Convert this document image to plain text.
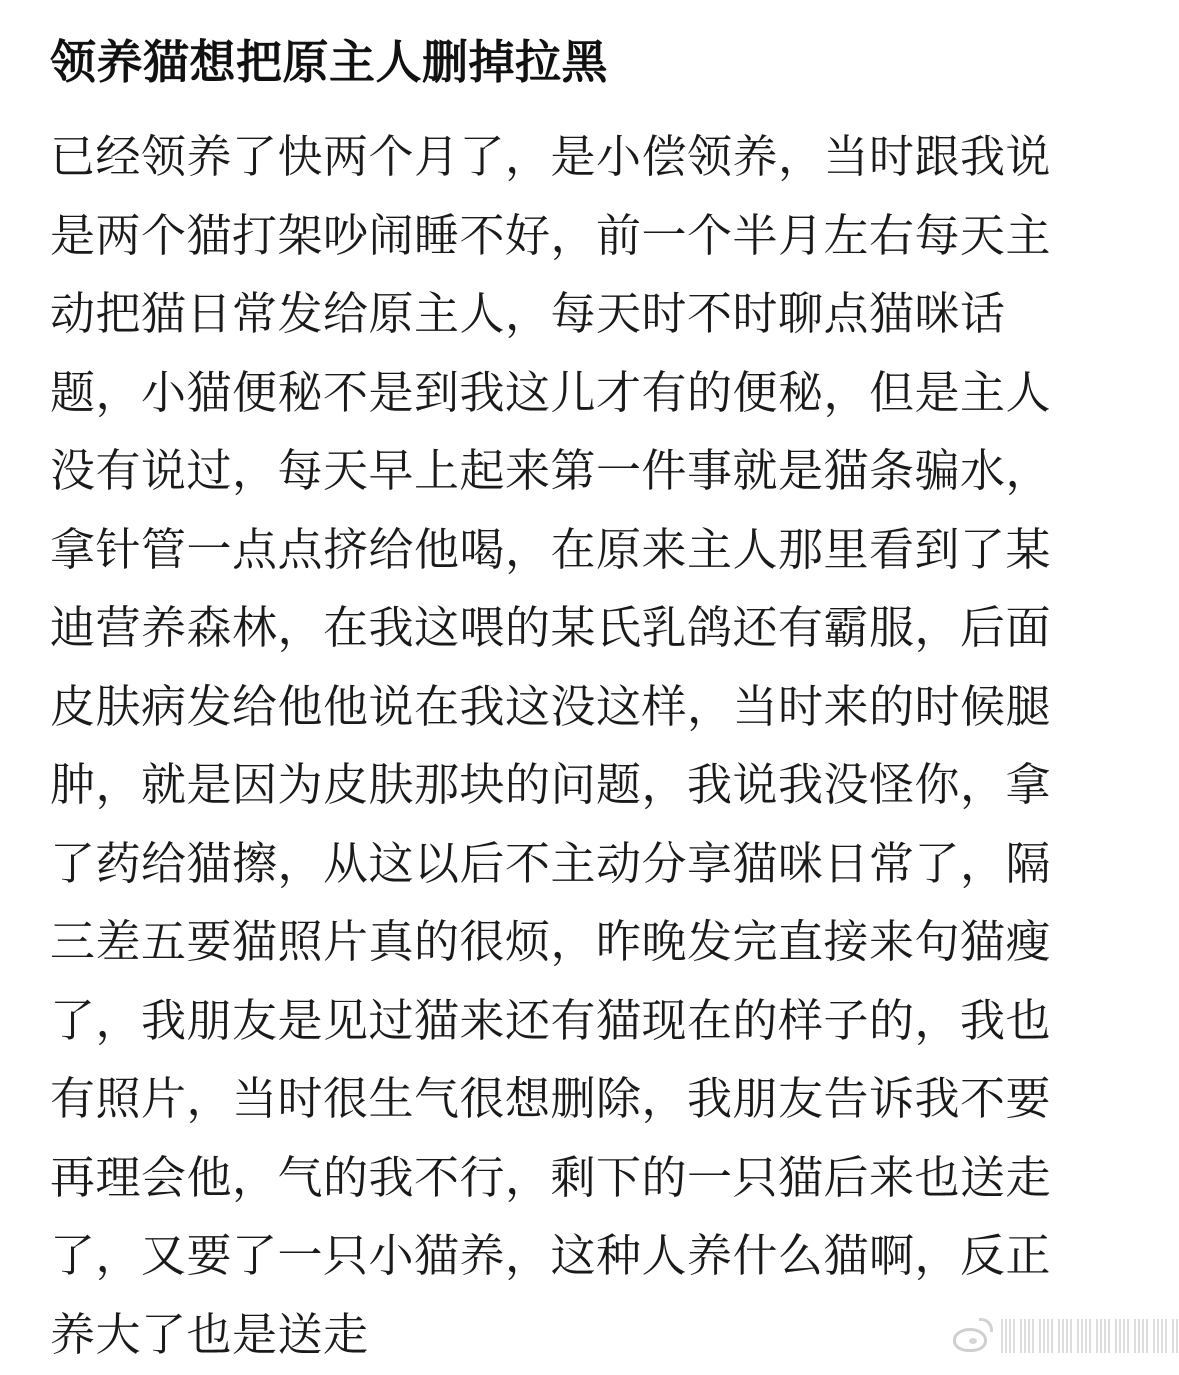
领养猫想把原主人删掉拉黑
已经领养了快两个月了，是小偿领养，当时跟我说
是两个猫打架吵闹睡不好，前一个半月左右每天主
动把猫日常发给原主人，每天时不时聊点猫咪话
题，小猫便秘不是到我这儿才有的便秘，但是主人
没有说过，每天早上起来第一件事就是猫条骗水，
拿针管一点点挤给他喝，在原来主人那里看到了某
迪营养森林，在我这喂的某氏乳鸽还有霸服，后面
皮肤病发给他他说在我这没这样，当时来的时候腿
肿，就是因为皮肤那块的问题，我说我没怪你，拿
了药给猫擦，从这以后不主动分享猫咪日常了，隔
三差五要猫照片真的很烦，昨晚发完直接来句猫瘦
了，我朋友是见过猫来还有猫现在的样子的，我也
有照片，当时很生气很想删除，我朋友告诉我不要
再理会他，气的我不行，剩下的一只猫后来也送走
了，又要了一只小猫养，这种人养什么猫啊，反正
养大了也是送走
